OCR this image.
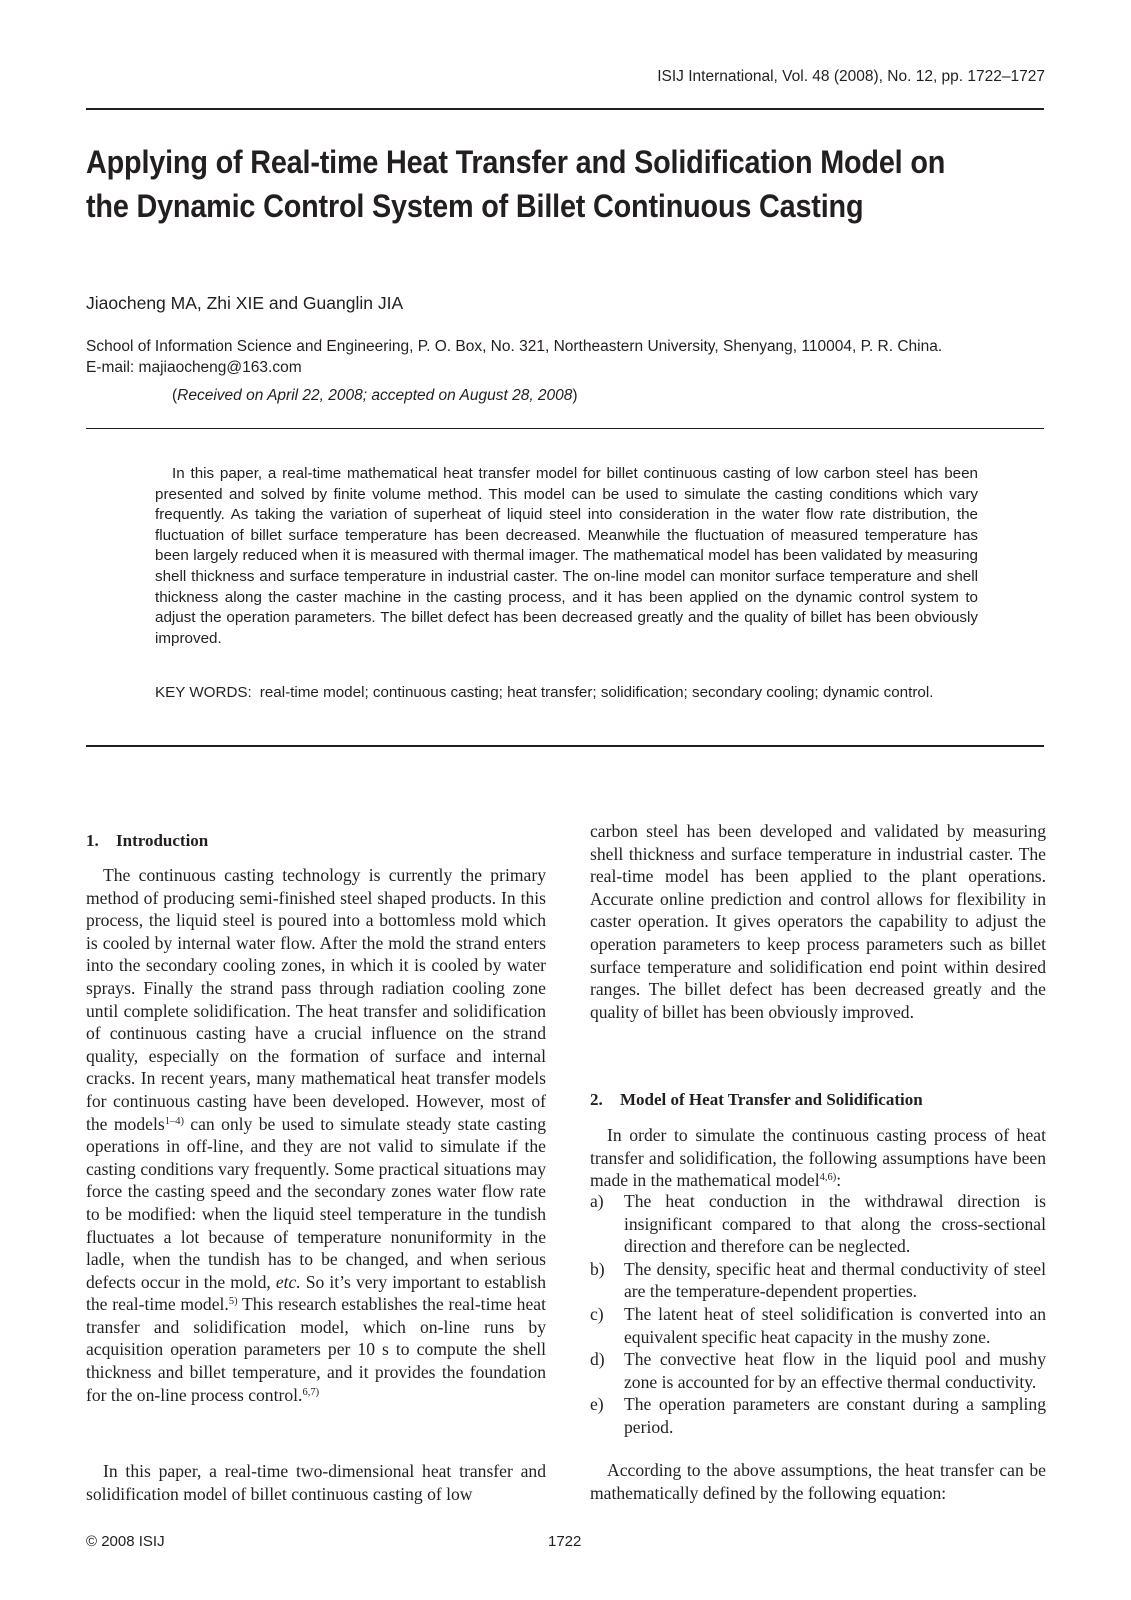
ISIJ International, Vol. 48 (2008), No. 12, pp. 1722–1727
Applying of Real-time Heat Transfer and Solidification Model on
the Dynamic Control System of Billet Continuous Casting
Jiaocheng MA, Zhi XIE and Guanglin JIA
School of Information Science and Engineering, P. O. Box, No. 321, Northeastern University, Shenyang, 110004, P. R. China.
E-mail: majiaocheng@163.com
(Received on April 22, 2008; accepted on August 28, 2008)

In this paper, a real-time mathematical heat transfer model for billet continuous casting of low carbon steel has been presented and solved by finite volume method. This model can be used to simulate the casting conditions which vary frequently. As taking the variation of superheat of liquid steel into consideration in the water flow rate distribution, the fluctuation of billet surface temperature has been decreased. Meanwhile the fluctuation of measured temperature has been largely reduced when it is measured with thermal imager. The mathematical model has been validated by measuring shell thickness and surface temperature in industrial caster. The on-line model can monitor surface temperature and shell thickness along the caster machine in the casting process, and it has been applied on the dynamic control system to adjust the operation parameters. The billet defect has been decreased greatly and the quality of billet has been obviously improved.

KEY WORDS: real-time model; continuous casting; heat transfer; solidification; secondary cooling; dynamic control.
1. Introduction

The continuous casting technology is currently the primary method of producing semi-finished steel shaped products. In this process, the liquid steel is poured into a bottomless mold which is cooled by internal water flow. After the mold the strand enters into the secondary cooling zones, in which it is cooled by water sprays. Finally the strand pass through radiation cooling zone until complete solidification. The heat transfer and solidification of continuous casting have a crucial influence on the strand quality, especially on the formation of surface and internal cracks. In recent years, many mathematical heat transfer models for continuous casting have been developed. However, most of the models$^{1-4)}$ can only be used to simulate steady state casting operations in off-line, and they are not valid to simulate if the casting conditions vary frequently. Some practical situations may force the casting speed and the secondary zones water flow rate to be modified: when the liquid steel temperature in the tundish fluctuates a lot because of temperature nonuniformity in the ladle, when the tundish has to be changed, and when serious defects occur in the mold, etc. So it’s very important to establish the real-time model.$^{5)}$ This research establishes the real-time heat transfer and solidification model, which on-line runs by acquisition operation parameters per 10 s to compute the shell thickness and billet temperature, and it provides the foundation for the on-line process control.$^{6,7)}$

In this paper, a real-time two-dimensional heat transfer and solidification model of billet continuous casting of low

carbon steel has been developed and validated by measuring shell thickness and surface temperature in industrial caster. The real-time model has been applied to the plant operations. Accurate online prediction and control allows for flexibility in caster operation. It gives operators the capability to adjust the operation parameters to keep process parameters such as billet surface temperature and solidification end point within desired ranges. The billet defect has been decreased greatly and the quality of billet has been obviously improved.

2. Model of Heat Transfer and Solidification

In order to simulate the continuous casting process of heat transfer and solidification, the following assumptions have been made in the mathematical model$^{4,6)}$:

a)	The heat conduction in the withdrawal direction is insignificant compared to that along the cross-sectional direction and therefore can be neglected.
b)	The density, specific heat and thermal conductivity of steel are the temperature-dependent properties.
c)	The latent heat of steel solidification is converted into an equivalent specific heat capacity in the mushy zone.
d)	The convective heat flow in the liquid pool and mushy zone is accounted for by an effective thermal conductivity.
e)	The operation parameters are constant during a sampling period.

According to the above assumptions, the heat transfer can be mathematically defined by the following equation:

© 2008 ISIJ	1722
